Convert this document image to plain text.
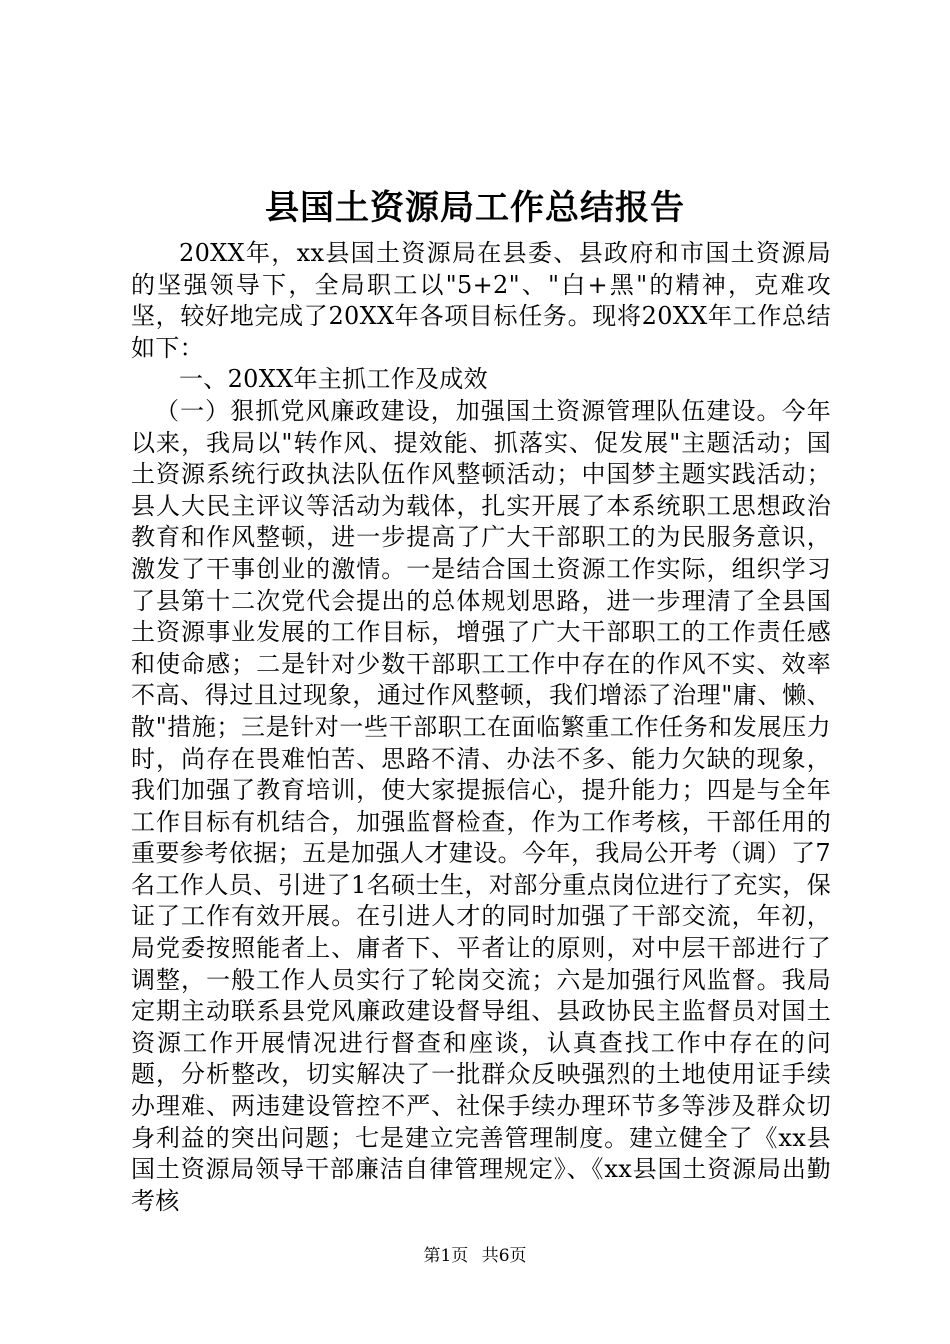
县国土资源局工作总结报告

20XX年，xx县国土资源局在县委、县政府和市国土资源局的坚强领导下，全局职工以"5+2"、"白+黑"的精神，克难攻坚，较好地完成了20XX年各项目标任务。现将20XX年工作总结如下：

一、20XX年主抓工作及成效

（一）狠抓党风廉政建设，加强国土资源管理队伍建设。今年以来，我局以"转作风、提效能、抓落实、促发展"主题活动；国土资源系统行政执法队伍作风整顿活动；中国梦主题实践活动；县人大民主评议等活动为载体，扎实开展了本系统职工思想政治教育和作风整顿，进一步提高了广大干部职工的为民服务意识，激发了干事创业的激情。一是结合国土资源工作实际，组织学习了县第十二次党代会提出的总体规划思路，进一步理清了全县国土资源事业发展的工作目标，增强了广大干部职工的工作责任感和使命感；二是针对少数干部职工工作中存在的作风不实、效率不高、得过且过现象，通过作风整顿，我们增添了治理"庸、懒、散"措施；三是针对一些干部职工在面临繁重工作任务和发展压力时，尚存在畏难怕苦、思路不清、办法不多、能力欠缺的现象，我们加强了教育培训，使大家提振信心，提升能力；四是与全年工作目标有机结合，加强监督检查，作为工作考核，干部任用的重要参考依据；五是加强人才建设。今年，我局公开考（调）了7名工作人员、引进了1名硕士生，对部分重点岗位进行了充实，保证了工作有效开展。在引进人才的同时加强了干部交流，年初，局党委按照能者上、庸者下、平者让的原则，对中层干部进行了调整，一般工作人员实行了轮岗交流；六是加强行风监督。我局定期主动联系县党风廉政建设督导组、县政协民主监督员对国土资源工作开展情况进行督查和座谈，认真查找工作中存在的问题，分析整改，切实解决了一批群众反映强烈的土地使用证手续办理难、两违建设管控不严、社保手续办理环节多等涉及群众切身利益的突出问题；七是建立完善管理制度。建立健全了《xx县国土资源局领导干部廉洁自律管理规定》、《xx县国土资源局出勤考核

第1页 共6页
